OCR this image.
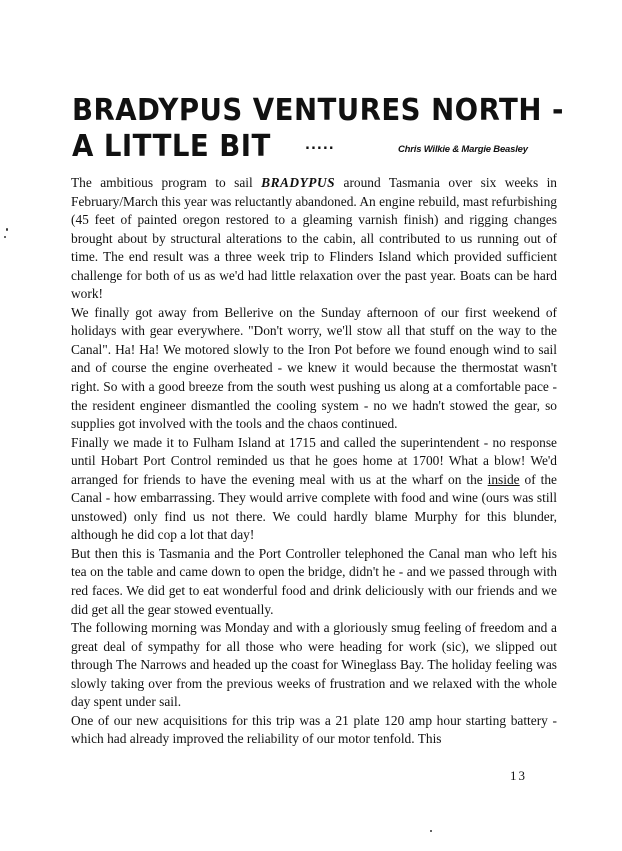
BRADYPUS VENTURES NORTH -
A LITTLE BIT	.....	Chris Wilkie & Margie Beasley

The ambitious program to sail BRADYPUS around Tasmania over six weeks in February/March this year was reluctantly abandoned. An engine rebuild, mast refurbishing (45 feet of painted oregon restored to a gleaming varnish finish) and rigging changes brought about by structural alterations to the cabin, all contributed to us running out of time. The end result was a three week trip to Flinders Island which provided sufficient challenge for both of us as we'd had little relaxation over the past year. Boats can be hard work!

We finally got away from Bellerive on the Sunday afternoon of our first weekend of holidays with gear everywhere. "Don't worry, we'll stow all that stuff on the way to the Canal". Ha! Ha! We motored slowly to the Iron Pot before we found enough wind to sail and of course the engine overheated - we knew it would because the thermostat wasn't right. So with a good breeze from the south west pushing us along at a comfortable pace - the resident engineer dismantled the cooling system - no we hadn't stowed the gear, so supplies got involved with the tools and the chaos continued.

Finally we made it to Fulham Island at 1715 and called the superintendent - no response until Hobart Port Control reminded us that he goes home at 1700! What a blow! We'd arranged for friends to have the evening meal with us at the wharf on the inside of the Canal - how embarrassing. They would arrive complete with food and wine (ours was still unstowed) only find us not there. We could hardly blame Murphy for this blunder, although he did cop a lot that day!

But then this is Tasmania and the Port Controller telephoned the Canal man who left his tea on the table and came down to open the bridge, didn't he - and we passed through with red faces. We did get to eat wonderful food and drink deliciously with our friends and we did get all the gear stowed eventually.

The following morning was Monday and with a gloriously smug feeling of freedom and a great deal of sympathy for all those who were heading for work (sic), we slipped out through The Narrows and headed up the coast for Wineglass Bay. The holiday feeling was slowly taking over from the previous weeks of frustration and we relaxed with the whole day spent under sail.

One of our new acquisitions for this trip was a 21 plate 120 amp hour starting battery - which had already improved the reliability of our motor tenfold. This

13
